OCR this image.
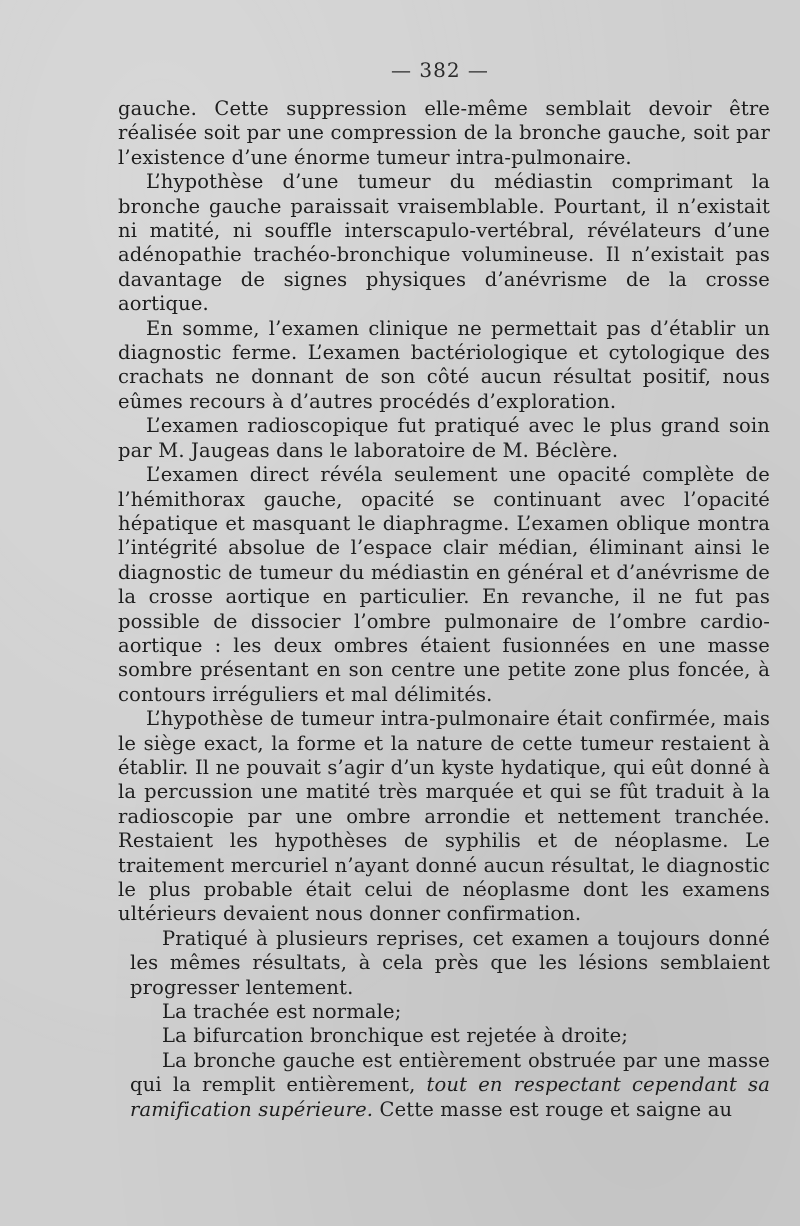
— 382 —

gauche. Cette suppression elle-même semblait devoir être réalisée soit par une compression de la bronche gauche, soit par l’existence d’une énorme tumeur intra-pulmonaire.

L’hypothèse d’une tumeur du médiastin comprimant la bronche gauche paraissait vraisemblable. Pourtant, il n’existait ni matité, ni souffle interscapulo-vertébral, révélateurs d’une adénopathie trachéo-bronchique volumineuse. Il n’existait pas davantage de signes physiques d’anévrisme de la crosse aortique.

En somme, l’examen clinique ne permettait pas d’établir un diagnostic ferme. L’examen bactériologique et cytologique des crachats ne donnant de son côté aucun résultat positif, nous eûmes recours à d’autres procédés d’exploration.

L’examen radioscopique fut pratiqué avec le plus grand soin par M. Jaugeas dans le laboratoire de M. Béclère.

L’examen direct révéla seulement une opacité complète de l’hémithorax gauche, opacité se continuant avec l’opacité hépatique et masquant le diaphragme. L’examen oblique montra l’intégrité absolue de l’espace clair médian, éliminant ainsi le diagnostic de tumeur du médiastin en général et d’anévrisme de la crosse aortique en particulier. En revanche, il ne fut pas possible de dissocier l’ombre pulmonaire de l’ombre cardio-aortique : les deux ombres étaient fusionnées en une masse sombre présentant en son centre une petite zone plus foncée, à contours irréguliers et mal délimités.

L’hypothèse de tumeur intra-pulmonaire était confirmée, mais le siège exact, la forme et la nature de cette tumeur restaient à établir. Il ne pouvait s’agir d’un kyste hydatique, qui eût donné à la percussion une matité très marquée et qui se fût traduit à la radioscopie par une ombre arrondie et nettement tranchée. Restaient les hypothèses de syphilis et de néoplasme. Le traitement mercuriel n’ayant donné aucun résultat, le diagnostic le plus probable était celui de néoplasme dont les examens ultérieurs devaient nous donner confirmation.

Pratiqué à plusieurs reprises, cet examen a toujours donné les mêmes résultats, à cela près que les lésions semblaient progresser lentement.

La trachée est normale;

La bifurcation bronchique est rejetée à droite;

La bronche gauche est entièrement obstruée par une masse qui la remplit entièrement, tout en respectant cependant sa ramification supérieure. Cette masse est rouge et saigne au
